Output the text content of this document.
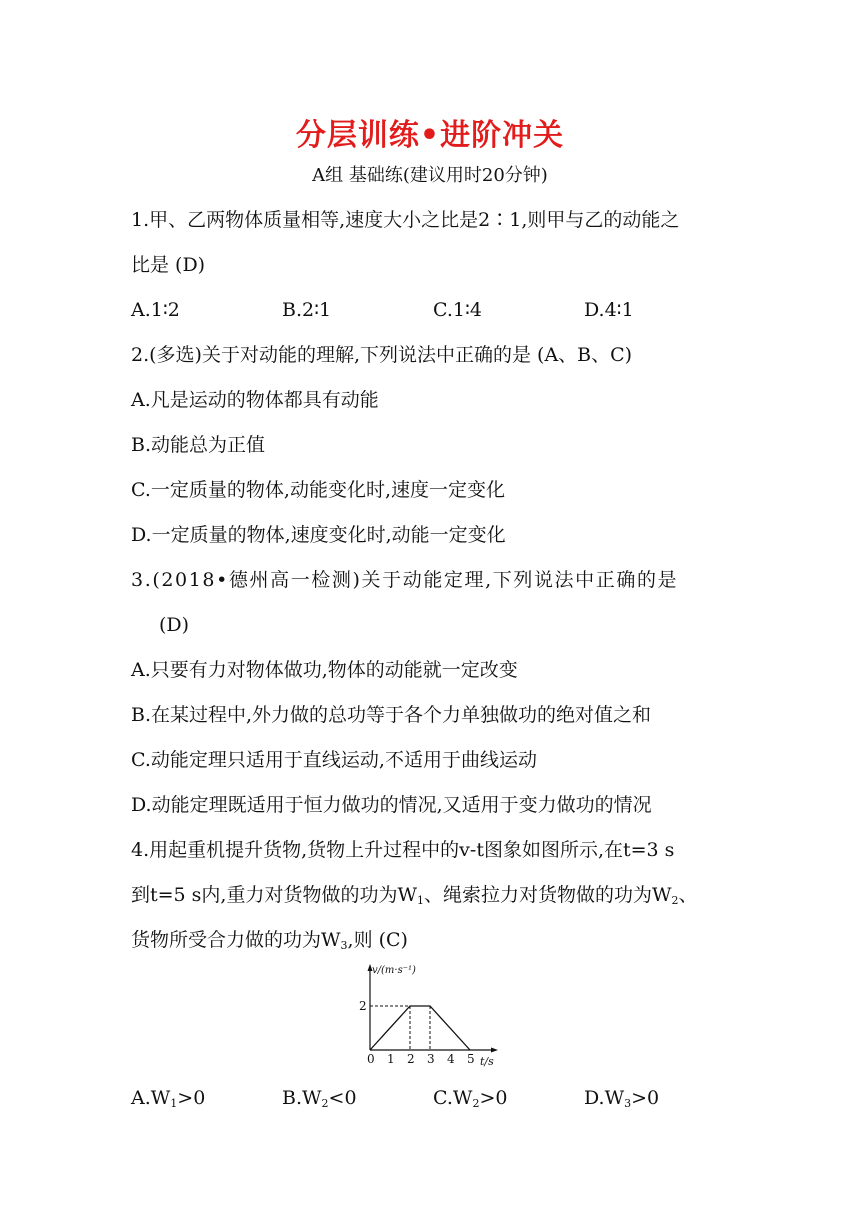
分层训练•进阶冲关
A组 基础练(建议用时20分钟)
1.甲、乙两物体质量相等,速度大小之比是2∶1,则甲与乙的动能之
比是 (D)
A.1∶2	B.2∶1	C.1∶4	D.4∶1
2.(多选)关于对动能的理解,下列说法中正确的是 (A、B、C)
A.凡是运动的物体都具有动能
B.动能总为正值
C.一定质量的物体,动能变化时,速度一定变化
D.一定质量的物体,速度变化时,动能一定变化
3.(2018•德州高一检测)关于动能定理,下列说法中正确的是
(D)
A.只要有力对物体做功,物体的动能就一定改变
B.在某过程中,外力做的总功等于各个力单独做功的绝对值之和
C.动能定理只适用于直线运动,不适用于曲线运动
D.动能定理既适用于恒力做功的情况,又适用于变力做功的情况
4.用起重机提升货物,货物上升过程中的v-t图象如图所示,在t=3 s
到t=5 s内,重力对货物做的功为$W_1$、绳索拉力对货物做的功为$W_2$、
货物所受合力做的功为$W_3$,则 (C)
v/(m·s⁻¹)
t/s
0 1 2 3 4 5
2
$A.W_1>0$	$B.W_2<0$	$C.W_2>0$	$D.W_3>0$
